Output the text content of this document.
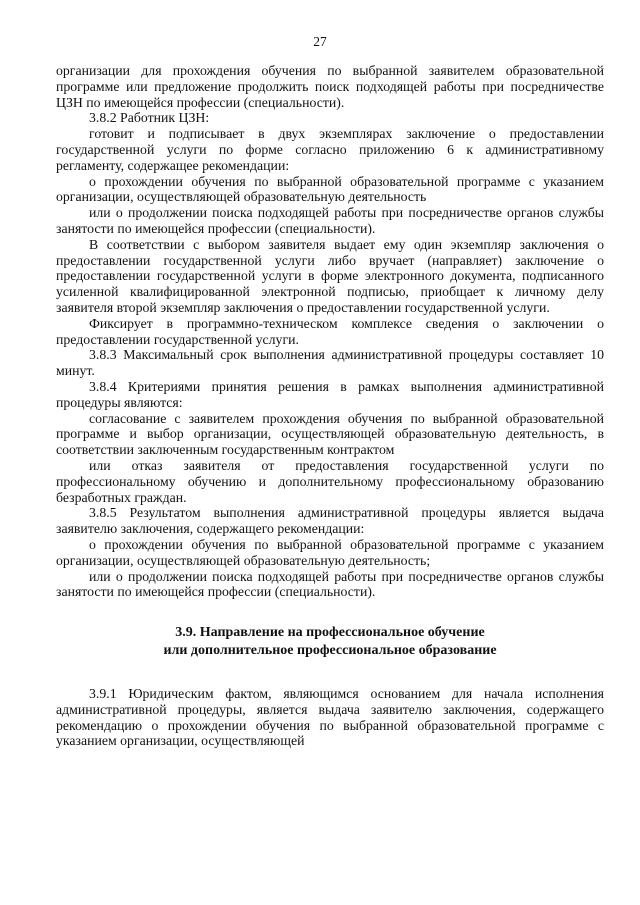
27

организации для прохождения обучения по выбранной заявителем образовательной программе или предложение продолжить поиск подходящей работы при посредничестве ЦЗН по имеющейся профессии (специальности).

3.8.2 Работник ЦЗН:

готовит и подписывает в двух экземплярах заключение о предоставлении государственной услуги по форме согласно приложению 6 к административному регламенту, содержащее рекомендации:

о прохождении обучения по выбранной образовательной программе с указанием организации, осуществляющей образовательную деятельность

или о продолжении поиска подходящей работы при посредничестве органов службы занятости по имеющейся профессии (специальности).

В соответствии с выбором заявителя выдает ему один экземпляр заключения о предоставлении государственной услуги либо вручает (направляет) заключение о предоставлении государственной услуги в форме электронного документа, подписанного усиленной квалифицированной электронной подписью, приобщает к личному делу заявителя второй экземпляр заключения о предоставлении государственной услуги.

Фиксирует в программно-техническом комплексе сведения о заключении о предоставлении государственной услуги.

3.8.3 Максимальный срок выполнения административной процедуры составляет 10 минут.

3.8.4 Критериями принятия решения в рамках выполнения административной процедуры являются:

согласование с заявителем прохождения обучения по выбранной образовательной программе и выбор организации, осуществляющей образовательную деятельность, в соответствии заключенным государственным контрактом

или отказ заявителя от предоставления государственной услуги по профессиональному обучению и дополнительному профессиональному образованию безработных граждан.

3.8.5 Результатом выполнения административной процедуры является выдача заявителю заключения, содержащего рекомендации:

о прохождении обучения по выбранной образовательной программе с указанием организации, осуществляющей образовательную деятельность;

или о продолжении поиска подходящей работы при посредничестве органов службы занятости по имеющейся профессии (специальности).

3.9. Направление на профессиональное обучение
или дополнительное профессиональное образование

3.9.1 Юридическим фактом, являющимся основанием для начала исполнения административной процедуры, является выдача заявителю заключения, содержащего рекомендацию о прохождении обучения по выбранной образовательной программе с указанием организации, осуществляющей
